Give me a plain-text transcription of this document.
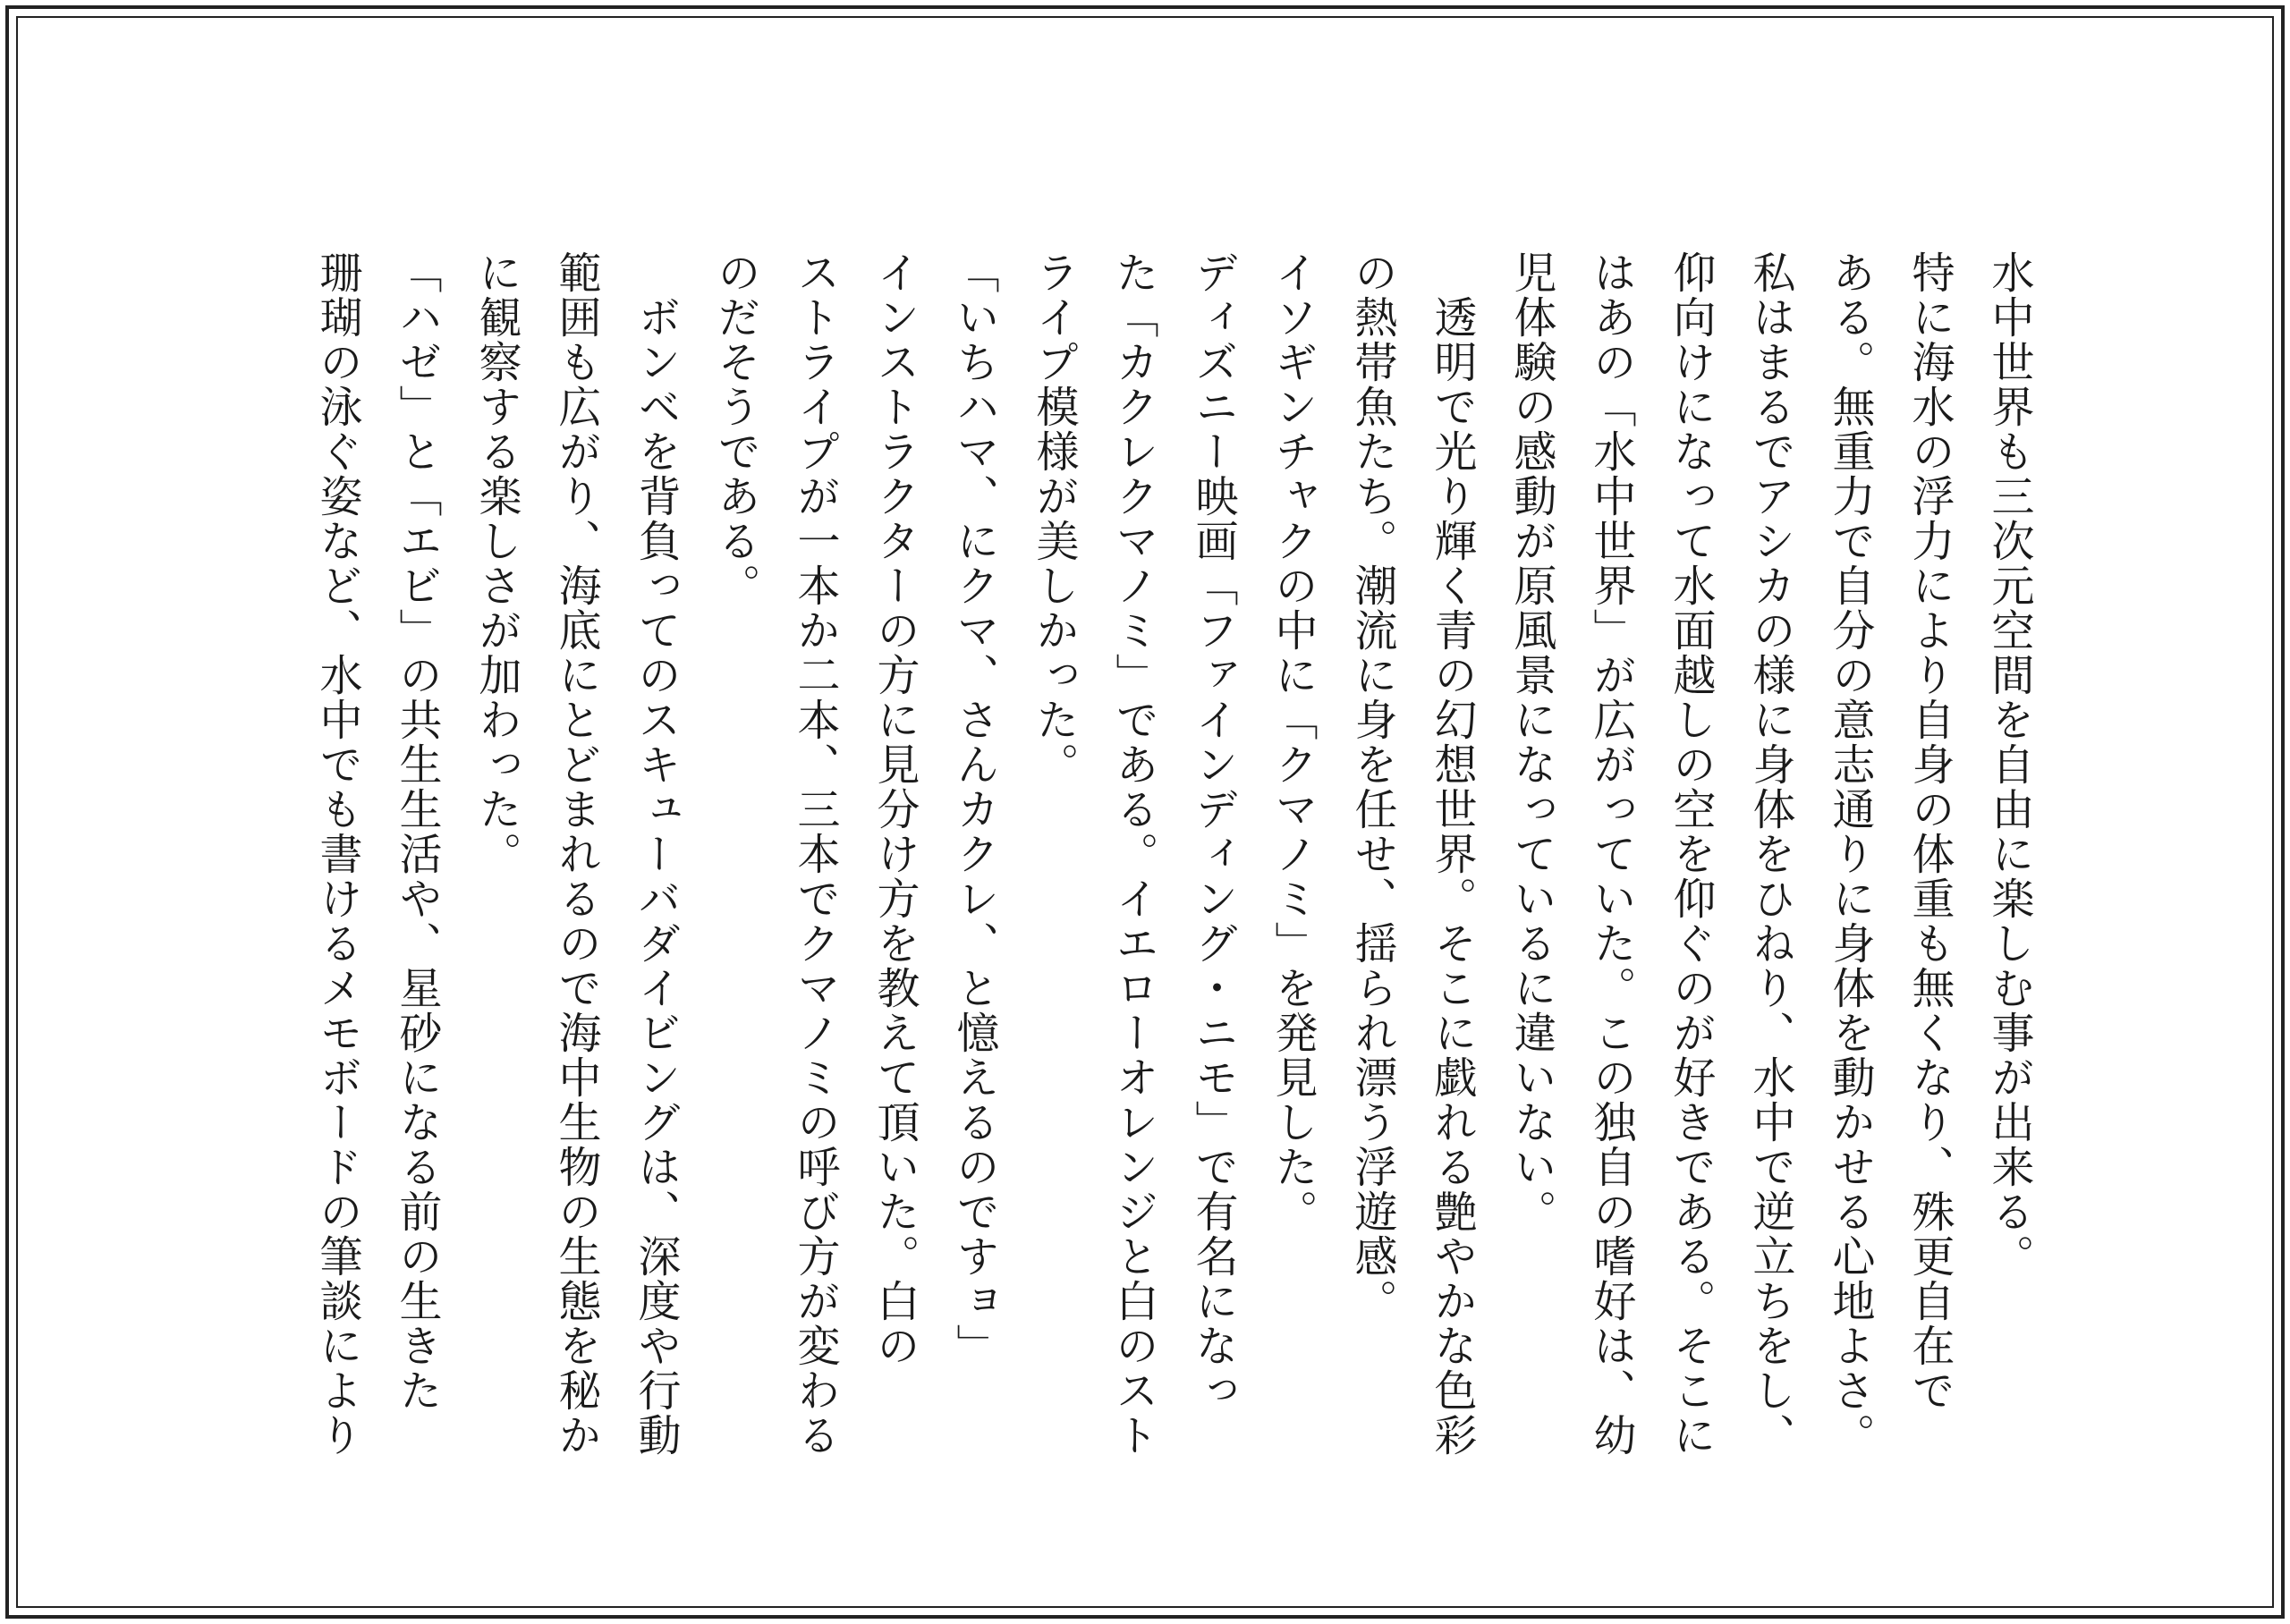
水中世界も三次元空間を自由に楽しむ事が出来る。

特に海水の浮力により自身の体重も無くなり、殊更自在で

ある。無重力で自分の意志通りに身体を動かせる心地よさ。

私はまるでアシカの様に身体をひねり、水中で逆立ちをし、

仰向けになって水面越しの空を仰ぐのが好きである。そこに

はあの「水中世界」が広がっていた。この独自の嗜好は、幼

児体験の感動が原風景になっているに違いない。

　透明で光り輝く青の幻想世界。そこに戯れる艶やかな色彩

の熱帯魚たち。潮流に身を任せ、揺られ漂う浮遊感。

イソギンチャクの中に「クマノミ」を発見した。

ディズニー映画「ファインディング・ニモ」で有名になっ

た「カクレクマノミ」である。イエローオレンジと白のスト

ライプ模様が美しかった。

「いちハマ、にクマ、さんカクレ、と憶えるのですョ」

インストラクターの方に見分け方を教えて頂いた。白の

ストライプが一本か二本、三本でクマノミの呼び方が変わる

のだそうである。

　ボンベを背負ってのスキューバダイビングは、深度や行動

範囲も広がり、海底にとどまれるので海中生物の生態を秘か

に観察する楽しさが加わった。

「ハゼ」と「エビ」の共生生活や、星砂になる前の生きた

珊瑚の泳ぐ姿など、水中でも書けるメモボードの筆談により
